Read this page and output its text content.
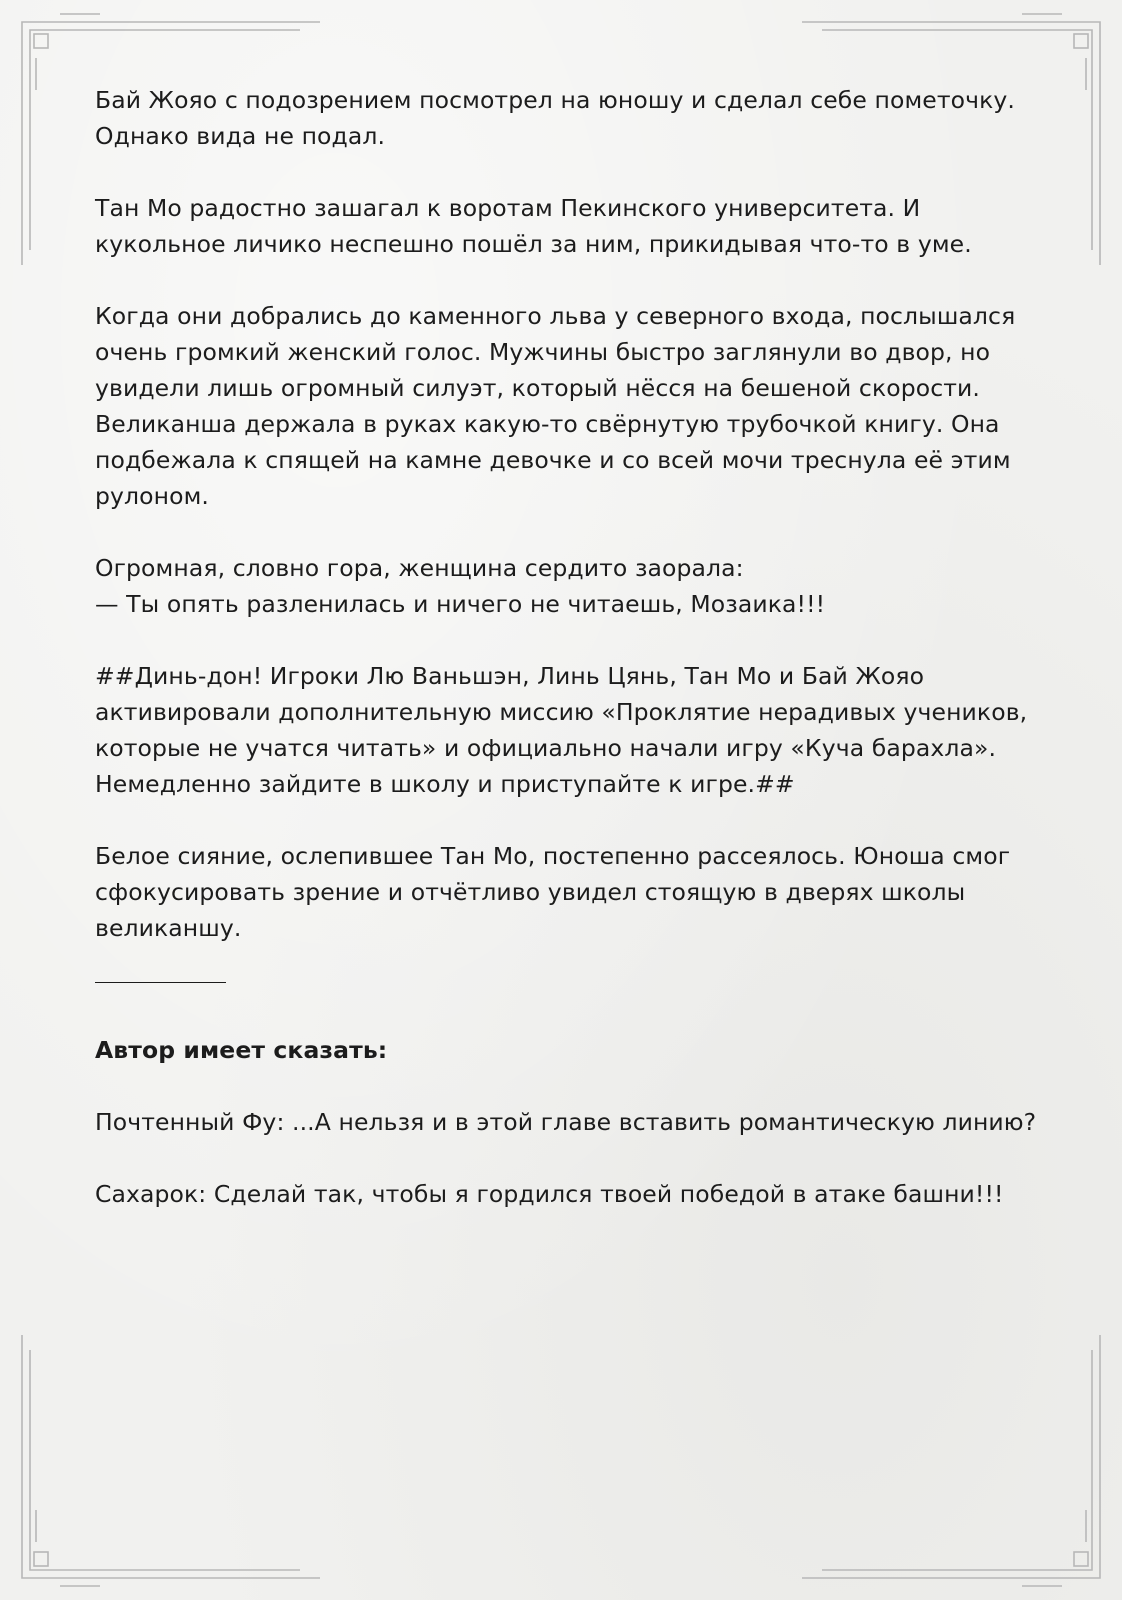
Бай Жояо с подозрением посмотрел на юношу и сделал себе пометочку.
Однако вида не подал.

Тан Мо радостно зашагал к воротам Пекинского университета. И
кукольное личико неспешно пошёл за ним, прикидывая что-то в уме.

Когда они добрались до каменного льва у северного входа, послышался
очень громкий женский голос. Мужчины быстро заглянули во двор, но
увидели лишь огромный силуэт, который нёсся на бешеной скорости.
Великанша держала в руках какую-то свёрнутую трубочкой книгу. Она
подбежала к спящей на камне девочке и со всей мочи треснула её этим
рулоном.

Огромная, словно гора, женщина сердито заорала:
— Ты опять разленилась и ничего не читаешь, Мозаика!!!

##Динь-дон! Игроки Лю Ваньшэн, Линь Цянь, Тан Мо и Бай Жояо
активировали дополнительную миссию «Проклятие нерадивых учеников,
которые не учатся читать» и официально начали игру «Куча барахла».
Немедленно зайдите в школу и приступайте к игре.##

Белое сияние, ослепившее Тан Мо, постепенно рассеялось. Юноша смог
сфокусировать зрение и отчётливо увидел стоящую в дверях школы
великаншу.

Автор имеет сказать:

Почтенный Фу: ...А нельзя и в этой главе вставить романтическую линию?

Сахарок: Сделай так, чтобы я гордился твоей победой в атаке башни!!!
